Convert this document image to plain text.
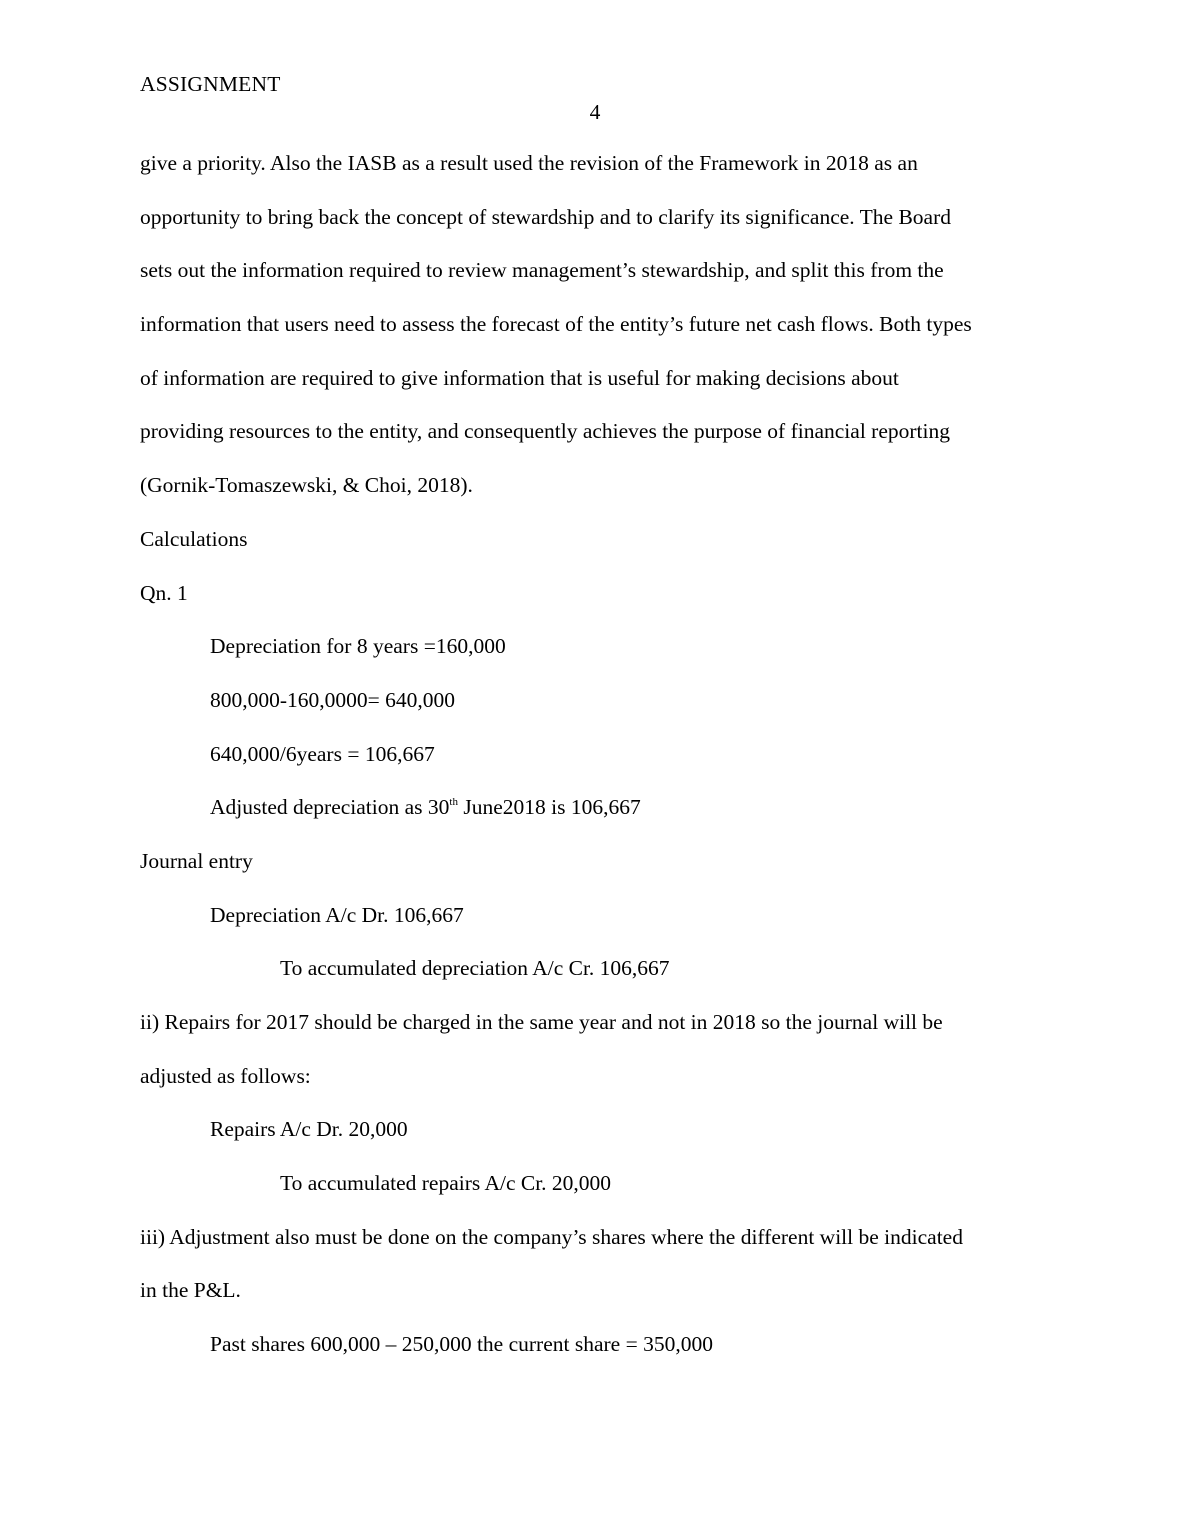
ASSIGNMENT
4
give a priority. Also the IASB as a result used the revision of the Framework in 2018 as an
opportunity to bring back the concept of stewardship and to clarify its significance. The Board
sets out the information required to review management’s stewardship, and split this from the
information that users need to assess the forecast of the entity’s future net cash flows. Both types
of information are required to give information that is useful for making decisions about
providing resources to the entity, and consequently achieves the purpose of financial reporting
(Gornik-Tomaszewski, & Choi, 2018).
Calculations
Qn. 1
Depreciation for 8 years =160,000
800,000-160,0000= 640,000
640,000/6years = 106,667
Adjusted depreciation as 30th June2018 is 106,667
Journal entry
Depreciation A/c Dr. 106,667
To accumulated depreciation A/c Cr. 106,667
ii) Repairs for 2017 should be charged in the same year and not in 2018 so the journal will be
adjusted as follows:
Repairs A/c Dr. 20,000
To accumulated repairs A/c Cr. 20,000
iii) Adjustment also must be done on the company’s shares where the different will be indicated
in the P&L.
Past shares 600,000 – 250,000 the current share = 350,000
